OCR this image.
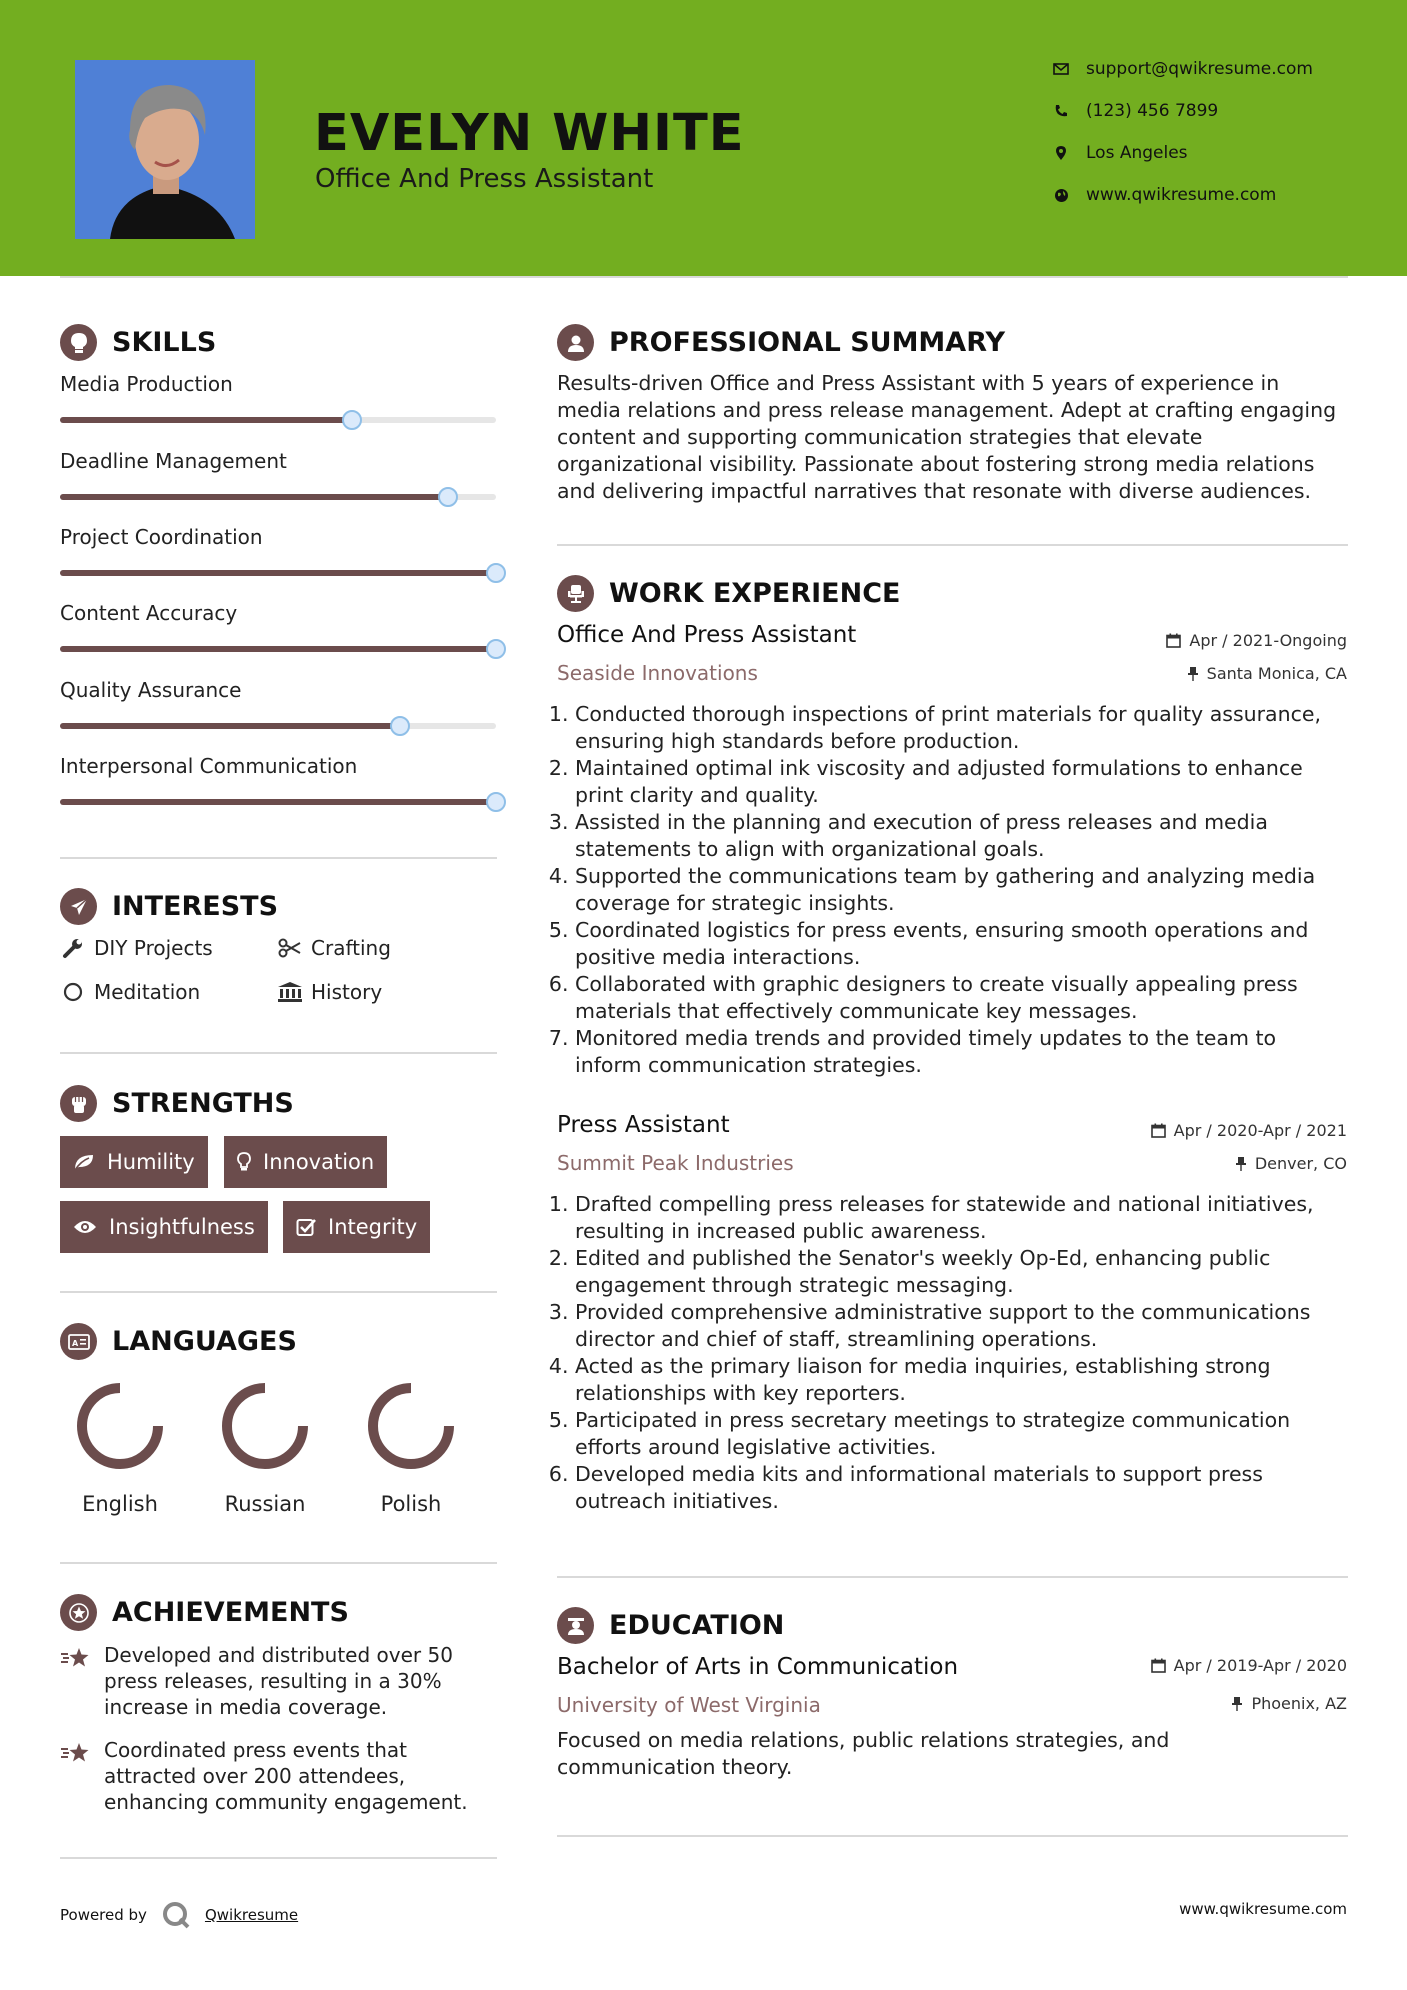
EVELYN WHITE
Office And Press Assistant
support@qwikresume.com
(123) 456 7899
Los Angeles
www.qwikresume.com
SKILLS
Media Production
Deadline Management
Project Coordination
Content Accuracy
Quality Assurance
Interpersonal Communication
INTERESTS
DIY Projects	Crafting
Meditation	History
STRENGTHS
Humility	Innovation
Insightfulness	Integrity
A LANGUAGES
English	Russian	Polish
ACHIEVEMENTS
Developed and distributed over 50 press releases, resulting in a 30% increase in media coverage.
Coordinated press events that attracted over 200 attendees, enhancing community engagement.
PROFESSIONAL SUMMARY
Results-driven Office and Press Assistant with 5 years of experience in media relations and press release management. Adept at crafting engaging content and supporting communication strategies that elevate organizational visibility. Passionate about fostering strong media relations and delivering impactful narratives that resonate with diverse audiences.
WORK EXPERIENCE
Office And Press Assistant	Apr / 2021-Ongoing
Seaside Innovations	Santa Monica, CA
1. Conducted thorough inspections of print materials for quality assurance, ensuring high standards before production.
2. Maintained optimal ink viscosity and adjusted formulations to enhance print clarity and quality.
3. Assisted in the planning and execution of press releases and media statements to align with organizational goals.
4. Supported the communications team by gathering and analyzing media coverage for strategic insights.
5. Coordinated logistics for press events, ensuring smooth operations and positive media interactions.
6. Collaborated with graphic designers to create visually appealing press materials that effectively communicate key messages.
7. Monitored media trends and provided timely updates to the team to inform communication strategies.
Press Assistant	Apr / 2020-Apr / 2021
Summit Peak Industries	Denver, CO
1. Drafted compelling press releases for statewide and national initiatives, resulting in increased public awareness.
2. Edited and published the Senator's weekly Op-Ed, enhancing public engagement through strategic messaging.
3. Provided comprehensive administrative support to the communications director and chief of staff, streamlining operations.
4. Acted as the primary liaison for media inquiries, establishing strong relationships with key reporters.
5. Participated in press secretary meetings to strategize communication efforts around legislative activities.
6. Developed media kits and informational materials to support press outreach initiatives.
EDUCATION
Bachelor of Arts in Communication	Apr / 2019-Apr / 2020
University of West Virginia	Phoenix, AZ
Focused on media relations, public relations strategies, and communication theory.
Powered by	Qwikresume	www.qwikresume.com
